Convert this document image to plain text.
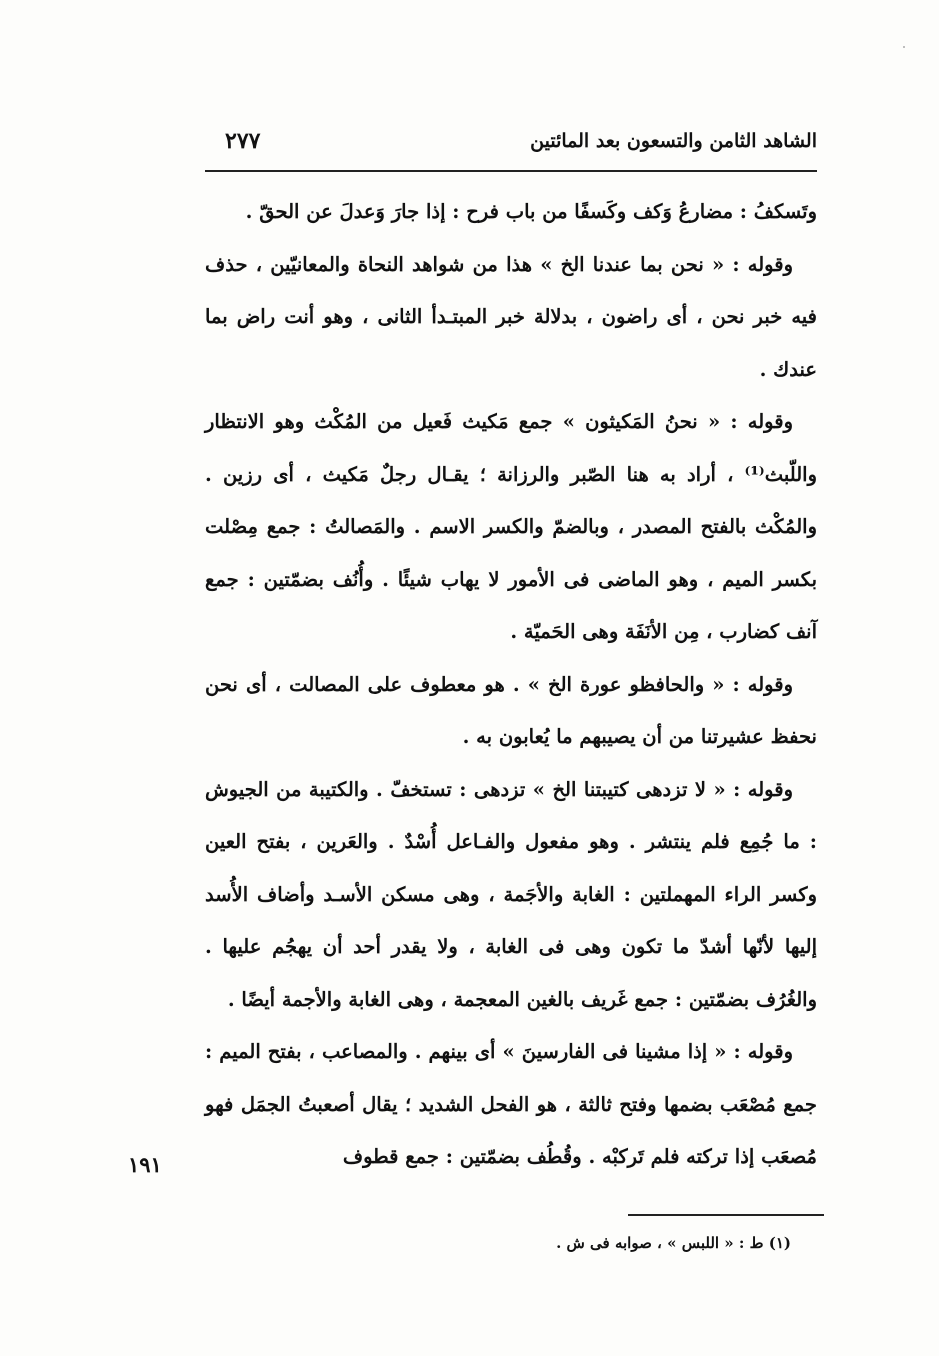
الشاهد الثامن والتسعون بعد المائتين
٢٧٧

وتَسكفُ : مضارعُ وَكف وكَسفًا من باب فرح : إذا جارَ وَعدلَ عن الحقّ .

وقوله : « نحن بما عندنا الخ » هذا من شواهد النحاة والمعانيّين ، حذف فيه خبر نحن ، أى راضون ، بدلالة خبر المبتـدأ الثانى ، وهو أنت راض بما عندك .

وقوله : « نحنُ المَكيثون » جمع مَكيث فَعيل من المُكْث وهو الانتظار واللّبث⁽¹⁾ ، أراد به هنا الصّبر والرزانة ؛ يقـال رجلٌ مَكيث ، أى رزين . والمُكْث بالفتح المصدر ، وبالضمّ والكسر الاسم . والمَصالتُ : جمع مِصْلت بكسر الميم ، وهو الماضى فى الأمور لا يهاب شيئًا . وأُنُف بضمّتين : جمع آنف كضارب ، مِن الأنَفَة وهى الحَميّة .

وقوله : « والحافظو عورة الخ » . هو معطوف على المصالت ، أى نحن نحفظ عشيرتنا من أن يصيبهم ما يُعابون به .

وقوله : « لا تزدهى كتيبتنا الخ » تزدهى : تستخفّ . والكتيبة من الجيوش : ما جُمِع فلم ينتشر . وهو مفعول والفـاعل أُسْدٌ . والعَرين ، بفتح العين وكسر الراء المهملتين : الغابة والأجَمة ، وهى مسكن الأسـد وأضاف الأُسد إليها لأنّها أشدّ ما تكون وهى فى الغابة ، ولا يقدر أحد أن يهجُم عليها . والغُرُف بضمّتين : جمع غَريف بالغين المعجمة ، وهى الغابة والأجمة أيضًا .

وقوله : « إذا مشينا فى الفارسينَ » أى بينهم . والمصاعب ، بفتح الميم : جمع مُصْعَب بضمها وفتح ثالثة ، هو الفحل الشديد ؛ يقال أصعبتُ الجمَل فهو مُصعَب إذا تركته فلم تَركبْه . وقُطُف بضمّتين : جمع قطوف

١٩١
(١) ط : « اللبس » ، صوابه فى ش .
